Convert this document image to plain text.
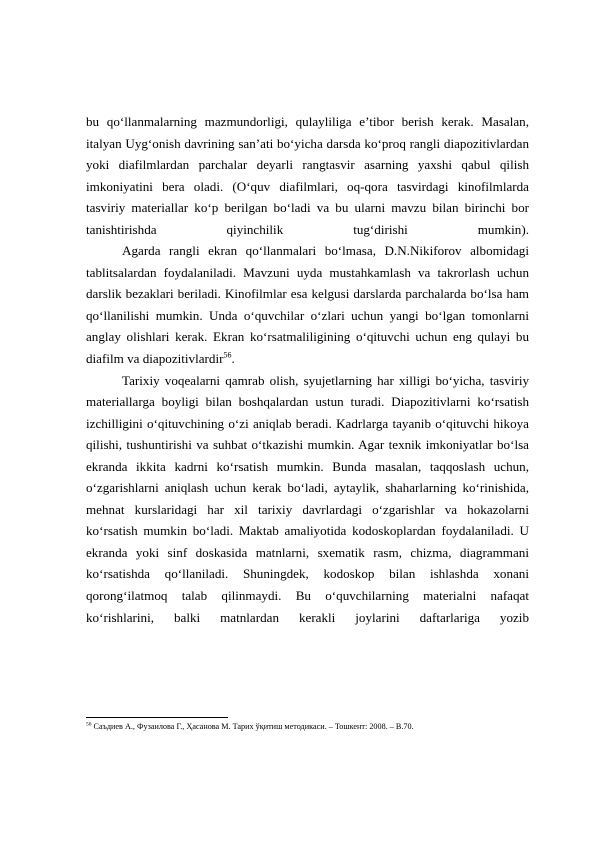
bu qo‘llanmalarning mazmundorligi, qulayliligа e’tibor berish kerak. Masalan, italyan Uyg‘onish davrining san’ati bo‘yicha darsda ko‘proq rangli diapozitivlardan yoki diafilmlardan parchalar deyarli rangtasvir asarning yaxshi qabul qilish imkoniyatini bera oladi. (O‘quv diafilmlari, oq-qora tasvirdagi kinofilmlarda tasviriy materiallar ko‘p berilgan bo‘ladi va bu ularni mavzu bilan birinchi bor tanishtirishda qiyinchilik tug‘dirishi mumkin).

Agarda rangli ekran qo‘llanmalari bo‘lmasa, D.N.Nikiforov albomidagi tablitsalardan foydalaniladi. Mavzuni uyda mustahkamlash va takrorlash uchun darslik bezaklari beriladi. Kinofilmlar esa kelgusi darslarda parchalarda bo‘lsa ham qo‘llanilishi mumkin. Unda o‘quvchilar o‘zlari uchun yangi bo‘lgan tomonlarni anglay olishlari kerak. Ekran ko‘rsatmaliligining o‘qituvchi uchun eng qulayi bu diafilm va diapozitivlardir$^{56}$.

Tarixiy voqealarni qamrab olish, syujetlarning har xilligi bo‘yicha, tasviriy materiallarga boyligi bilan boshqalardan ustun turadi. Diapozitivlarni ko‘rsatish izchilligini o‘qituvchining o‘zi aniqlab beradi. Kadrlarga tayanib o‘qituvchi hikoya qilishi, tushuntirishi va suhbat o‘tkazishi mumkin. Agar texnik imkoniyatlar bo‘lsa ekranda ikkita kadrni ko‘rsatish mumkin. Bunda masalan, taqqoslash uchun, o‘zgarishlarni aniqlash uchun kerak bo‘ladi, aytaylik, shaharlarning ko‘rinishida, mehnat kurslaridagi har xil tarixiy davrlardagi o‘zgarishlar va hokazolarni ko‘rsatish mumkin bo‘ladi. Maktab amaliyotida kodoskoplardan foydalaniladi. U ekranda yoki sinf doskasida matnlarni, sxematik rasm, chizma, diagrammani ko‘rsatishda qo‘llaniladi. Shuningdek, kodoskop bilan ishlashda xonani qorong‘ilatmoq talab qilinmaydi. Bu o‘quvchilarning materialni nafaqat ko‘rishlarini, balki matnlardan kerakli joylarini daftarlariga yozib

$^{56}$ Саъдиев А., Фузаилова Г., Ҳасанова М. Тарих ўқитиш методикаси. – Тошкент: 2008. – B.70.
